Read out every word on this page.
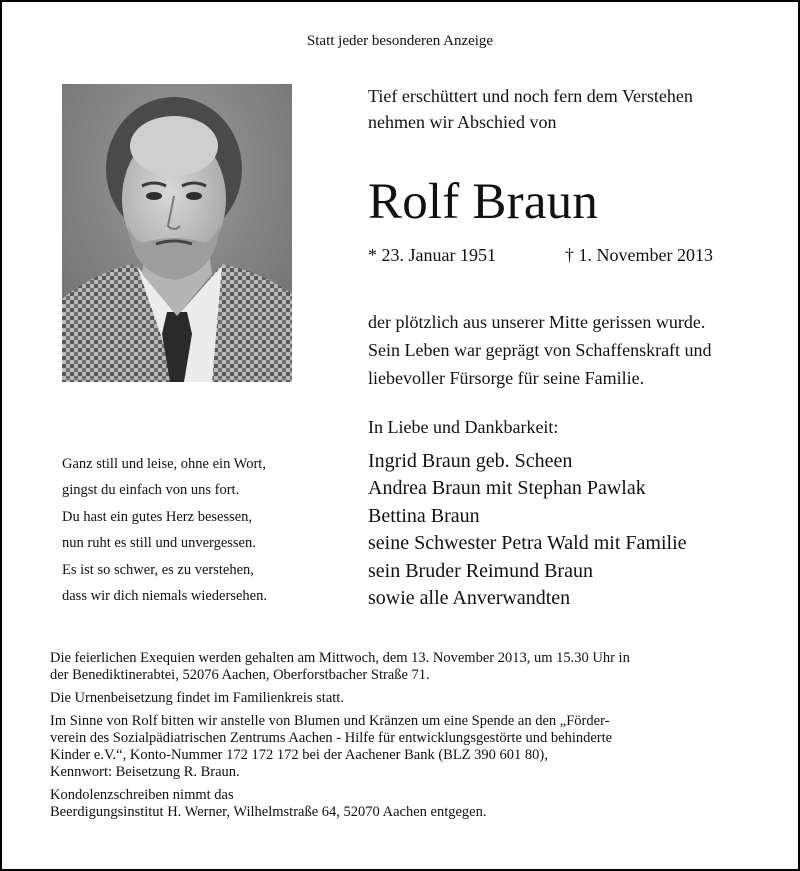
Statt jeder besonderen Anzeige
Tief erschüttert und noch fern dem Verstehen
nehmen wir Abschied von
Rolf Braun
* 23. Januar 1951	† 1. November 2013
der plötzlich aus unserer Mitte gerissen wurde.
Sein Leben war geprägt von Schaffenskraft und
liebevoller Fürsorge für seine Familie.
In Liebe und Dankbarkeit:
Ingrid Braun geb. Scheen
Andrea Braun mit Stephan Pawlak
Bettina Braun
seine Schwester Petra Wald mit Familie
sein Bruder Reimund Braun
sowie alle Anverwandten
Ganz still und leise, ohne ein Wort,
gingst du einfach von uns fort.
Du hast ein gutes Herz besessen,
nun ruht es still und unvergessen.
Es ist so schwer, es zu verstehen,
dass wir dich niemals wiedersehen.
Die feierlichen Exequien werden gehalten am Mittwoch, dem 13. November 2013, um 15.30 Uhr in
der Benediktinerabtei, 52076 Aachen, Oberforstbacher Straße 71.
Die Urnenbeisetzung findet im Familienkreis statt.
Im Sinne von Rolf bitten wir anstelle von Blumen und Kränzen um eine Spende an den „Förder-
verein des Sozialpädiatrischen Zentrums Aachen - Hilfe für entwicklungsgestörte und behinderte
Kinder e.V.“, Konto-Nummer 172 172 172 bei der Aachener Bank (BLZ 390 601 80),
Kennwort: Beisetzung R. Braun.
Kondolenzschreiben nimmt das
Beerdigungsinstitut H. Werner, Wilhelmstraße 64, 52070 Aachen entgegen.
